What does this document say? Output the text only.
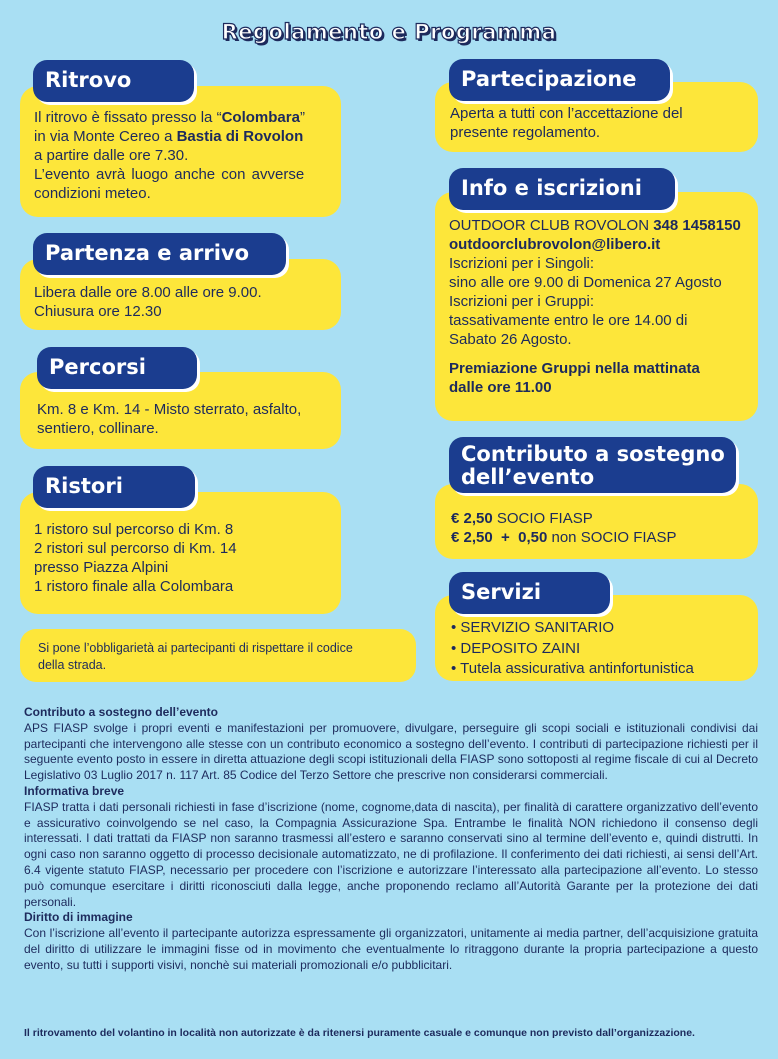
Regolamento e Programma
Il ritrovo è fissato presso la “Colombara”
in via Monte Cereo a Bastia di Rovolon
a partire dalle ore 7.30.
L’evento avrà luogo anche con avverse
condizioni meteo.
Ritrovo
Libera dalle ore 8.00 alle ore 9.00.
Chiusura ore 12.30
Partenza e arrivo
Km. 8 e Km. 14 - Misto sterrato, asfalto,
sentiero, collinare.
Percorsi
1 ristoro sul percorso di Km. 8
2 ristori sul percorso di Km. 14
presso Piazza Alpini
1 ristoro finale alla Colombara
Ristori
Si pone l’obbligarietà ai partecipanti di rispettare il codice
della strada.
Aperta a tutti con l’accettazione del
presente regolamento.
Partecipazione
OUTDOOR CLUB ROVOLON 348 1458150
outdoorclubrovolon@libero.it
Iscrizioni per i Singoli:
sino alle ore 9.00 di Domenica 27 Agosto
Iscrizioni per i Gruppi:
tassativamente entro le ore 14.00 di
Sabato 26 Agosto.
Premiazione Gruppi nella mattinata
dalle ore 11.00
Info e iscrizioni
€ 2,50 SOCIO FIASP
€ 2,50  +  0,50 non SOCIO FIASP
Contributo a sostegno
dell’evento
• SERVIZIO SANITARIO
• DEPOSITO ZAINI
• Tutela assicurativa antinfortunistica
Servizi
Contributo a sostegno dell’evento

APS FIASP svolge i propri eventi e manifestazioni per promuovere, divulgare, perseguire gli scopi sociali e istituzionali condivisi dai partecipanti che intervengono alle stesse con un contributo economico a sostegno dell’evento. I contributi di partecipazione richiesti per il seguente evento posto in essere in diretta attuazione degli scopi istituzionali della FIASP sono sottoposti al regime fiscale di cui al Decreto Legislativo 03 Luglio 2017 n. 117 Art. 85 Codice del Terzo Settore che prescrive non considerarsi commerciali.

Informativa breve

FIASP tratta i dati personali richiesti in fase d’iscrizione (nome, cognome,data di nascita), per finalità di carattere organizzativo dell’evento e assicurativo coinvolgendo se nel caso, la Compagnia Assicurazione Spa. Entrambe le finalità NON richiedono il consenso degli interessati. I dati trattati da FIASP non saranno trasmessi all’estero e saranno conservati sino al termine dell’evento e, quindi distrutti. In ogni caso non saranno oggetto di processo decisionale automatizzato, ne di profilazione. Il conferimento dei dati richiesti, ai sensi dell’Art. 6.4 vigente statuto FIASP, necessario per procedere con l’iscrizione e autorizzare l’interessato alla partecipazione all’evento. Lo stesso può comunque esercitare i diritti riconosciuti dalla legge, anche proponendo reclamo all’Autorità Garante per la protezione dei dati personali.

Diritto di immagine

Con l’iscrizione all’evento il partecipante autorizza espressamente gli organizzatori, unitamente ai media partner, dell’acquisizione gratuita del diritto di utilizzare le immagini fisse od in movimento che eventualmente lo ritraggono durante la propria partecipazione a questo evento, su tutti i supporti visivi, nonchè sui materiali promozionali e/o pubblicitari.

Il ritrovamento del volantino in località non autorizzate è da ritenersi puramente casuale e comunque non previsto dall’organizzazione.
